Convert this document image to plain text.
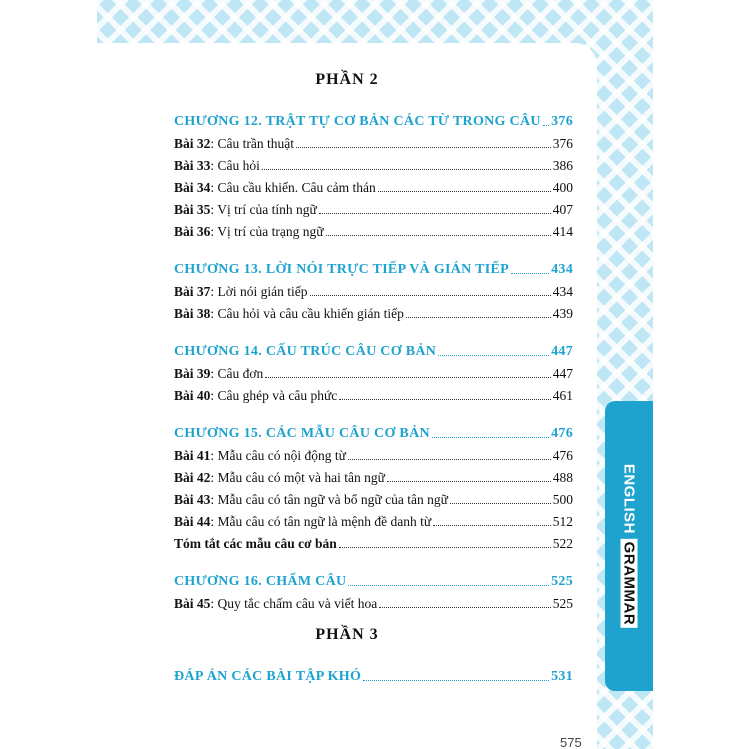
PHẦN 2
CHƯƠNG 12. TRẬT TỰ CƠ BẢN CÁC TỪ TRONG CÂU 376
Bài 32: Câu trần thuật	376
Bài 33: Câu hỏi	386
Bài 34: Câu cầu khiến. Câu cảm thán	400
Bài 35: Vị trí của tính ngữ	407
Bài 36: Vị trí của trạng ngữ	414
CHƯƠNG 13. LỜI NÓI TRỰC TIẾP VÀ GIÁN TIẾP	434
Bài 37: Lời nói gián tiếp	434
Bài 38: Câu hỏi và câu cầu khiến gián tiếp	439
CHƯƠNG 14. CẤU TRÚC CÂU CƠ BẢN	447
Bài 39: Câu đơn	447
Bài 40: Câu ghép và câu phức	461
CHƯƠNG 15. CÁC MẪU CÂU CƠ BẢN	476
Bài 41: Mẫu câu có nội động từ	476
Bài 42: Mẫu câu có một và hai tân ngữ	488
Bài 43: Mẫu câu có tân ngữ và bổ ngữ của tân ngữ	500
Bài 44: Mẫu câu có tân ngữ là mệnh đề danh từ	512
Tóm tắt các mẫu câu cơ bản	522
CHƯƠNG 16. CHẤM CÂU	525
Bài 45: Quy tắc chấm câu và viết hoa	525
PHẦN 3
ĐÁP ÁN CÁC BÀI TẬP KHÓ	531
575
ENGLISH GRAMMAR
